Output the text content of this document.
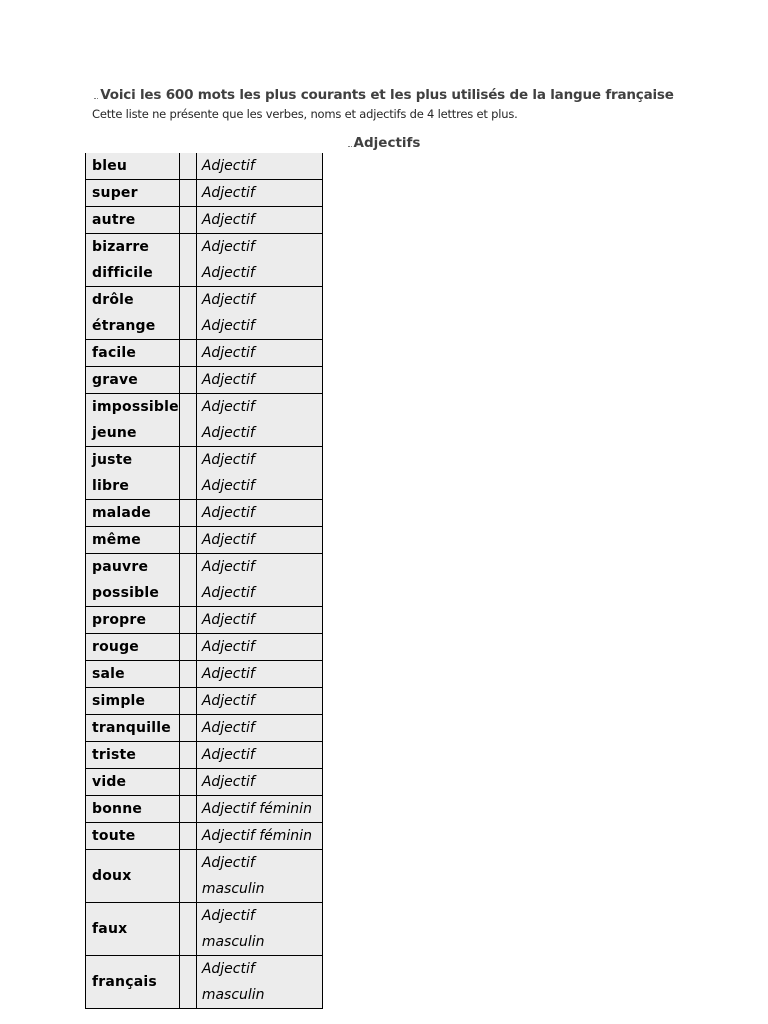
Voici les 600 mots les plus courants et les plus utilisés de la langue française
Cette liste ne présente que les verbes, noms et adjectifs de 4 lettres et plus.
Adjectifs
bleu		Adjectif
super		Adjectif
autre		Adjectif
bizarre		Adjectif
difficile		Adjectif
drôle		Adjectif
étrange		Adjectif
facile		Adjectif
grave		Adjectif
impossible		Adjectif
jeune		Adjectif
juste		Adjectif
libre		Adjectif
malade		Adjectif
même		Adjectif
pauvre		Adjectif
possible		Adjectif
propre		Adjectif
rouge		Adjectif
sale		Adjectif
simple		Adjectif
tranquille		Adjectif
triste		Adjectif
vide		Adjectif
bonne		Adjectif féminin
toute		Adjectif féminin
doux		Adjectif masculin
faux		Adjectif masculin
français		Adjectif masculin
